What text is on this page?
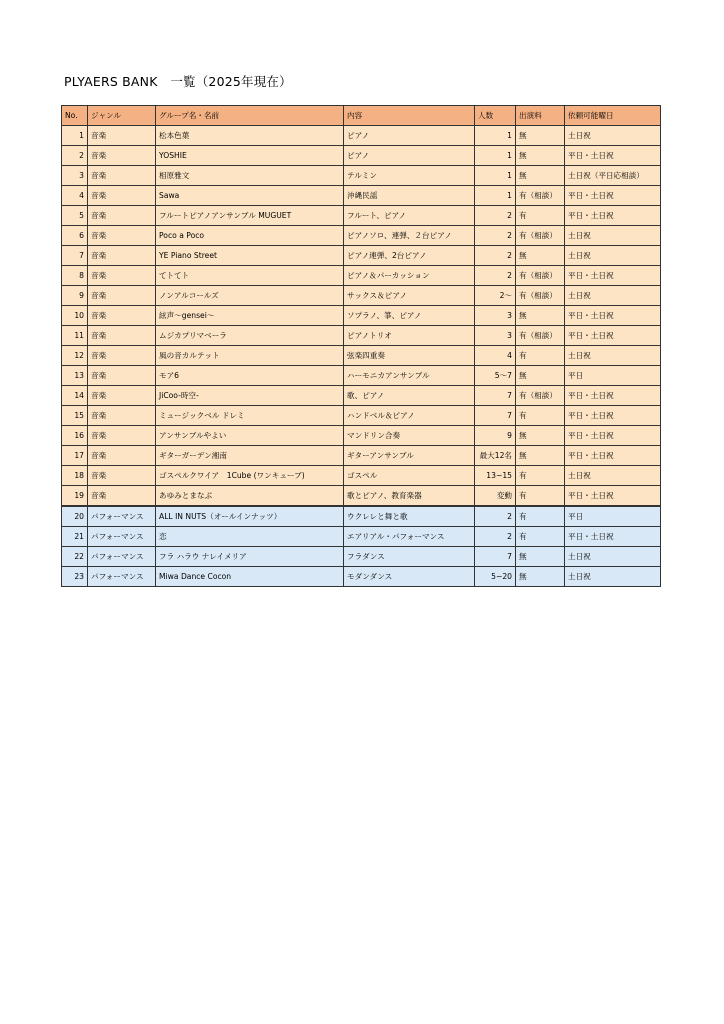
PLYAERS BANK　一覧（2025年現在）
No.	ジャンル	グループ名・名前	内容	人数	出演料	依頼可能曜日
1	音楽	松本色葉	ピアノ	1	無	土日祝
2	音楽	YOSHIE	ピアノ	1	無	平日・土日祝
3	音楽	相原雅文	テルミン	1	無	土日祝（平日応相談）
4	音楽	Sawa	沖縄民謡	1	有（相談）	平日・土日祝
5	音楽	フルートピアノアンサンブル MUGUET	フルート、ピアノ	2	有	平日・土日祝
6	音楽	Poco a Poco	ピアノソロ、連弾、２台ピアノ	2	有（相談）	土日祝
7	音楽	YE Piano Street	ピアノ連弾、2台ピアノ	2	無	土日祝
8	音楽	てトてト	ピアノ＆パーカッション	2	有（相談）	平日・土日祝
9	音楽	ノンアルコールズ	サックス＆ピアノ	2〜	有（相談）	土日祝
10	音楽	絃声〜gensei〜	ソプラノ、箏、ピアノ	3	無	平日・土日祝
11	音楽	ムジカプリマベーラ	ピアノトリオ	3	有（相談）	平日・土日祝
12	音楽	風の音カルテット	弦楽四重奏	4	有	土日祝
13	音楽	モア6	ハーモニカアンサンブル	5〜7	無	平日
14	音楽	JiCoo-時空-	歌、ピアノ	7	有（相談）	平日・土日祝
15	音楽	ミュージックベル ドレミ	ハンドベル＆ピアノ	7	有	平日・土日祝
16	音楽	アンサンブルやよい	マンドリン合奏	9	無	平日・土日祝
17	音楽	ギターガーデン湘南	ギターアンサンブル	最大12名	無	平日・土日祝
18	音楽	ゴスペルクワイア　1Cube (ワンキューブ)	ゴスペル	13~15	有	土日祝
19	音楽	あゆみとまなぶ	歌とピアノ、教育楽器	変動	有	平日・土日祝
20	パフォーマンス	ALL IN NUTS（オールインナッツ）	ウクレレと舞と歌	2	有	平日
21	パフォーマンス	恋	エアリアル・パフォーマンス	2	有	平日・土日祝
22	パフォーマンス	フラ ハラウ ナレイメリア	フラダンス	7	無	土日祝
23	パフォーマンス	Miwa Dance Cocon	モダンダンス	5~20	無	土日祝
